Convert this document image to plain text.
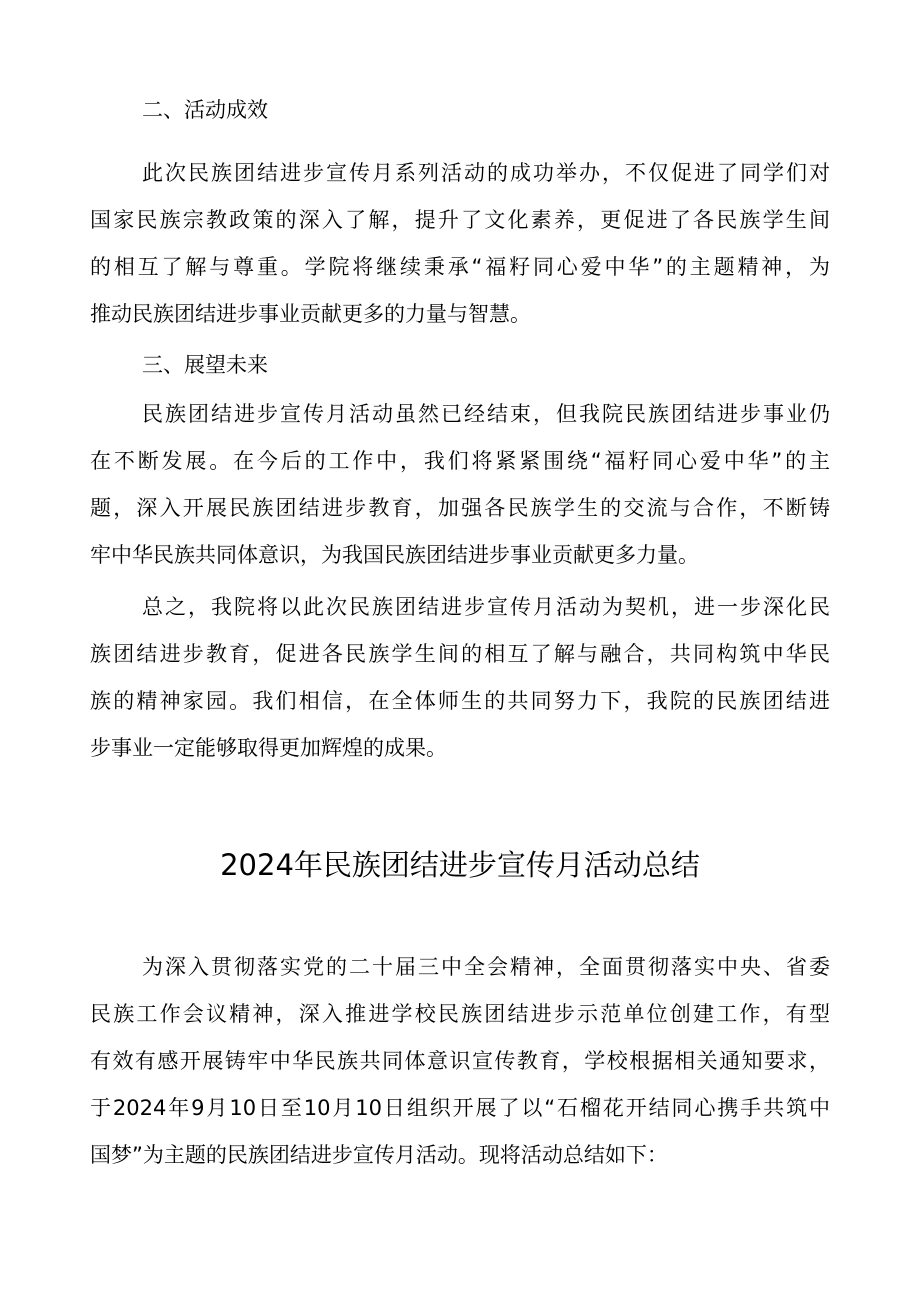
二、活动成效
此次民族团结进步宣传月系列活动的成功举办，不仅促进了同学们对
国家民族宗教政策的深入了解，提升了文化素养，更促进了各民族学生间
的相互了解与尊重。学院将继续秉承“福籽同心爱中华”的主题精神，为
推动民族团结进步事业贡献更多的力量与智慧。
三、展望未来
民族团结进步宣传月活动虽然已经结束，但我院民族团结进步事业仍
在不断发展。在今后的工作中，我们将紧紧围绕“福籽同心爱中华”的主
题，深入开展民族团结进步教育，加强各民族学生的交流与合作，不断铸
牢中华民族共同体意识，为我国民族团结进步事业贡献更多力量。
总之，我院将以此次民族团结进步宣传月活动为契机，进一步深化民
族团结进步教育，促进各民族学生间的相互了解与融合，共同构筑中华民
族的精神家园。我们相信，在全体师生的共同努力下，我院的民族团结进
步事业一定能够取得更加辉煌的成果。
2024年民族团结进步宣传月活动总结
为深入贯彻落实党的二十届三中全会精神，全面贯彻落实中央、省委
民族工作会议精神，深入推进学校民族团结进步示范单位创建工作，有型
有效有感开展铸牢中华民族共同体意识宣传教育，学校根据相关通知要求，
于2024年9月10日至10月10日组织开展了以“石榴花开结同心携手共筑中
国梦”为主题的民族团结进步宣传月活动。现将活动总结如下：
